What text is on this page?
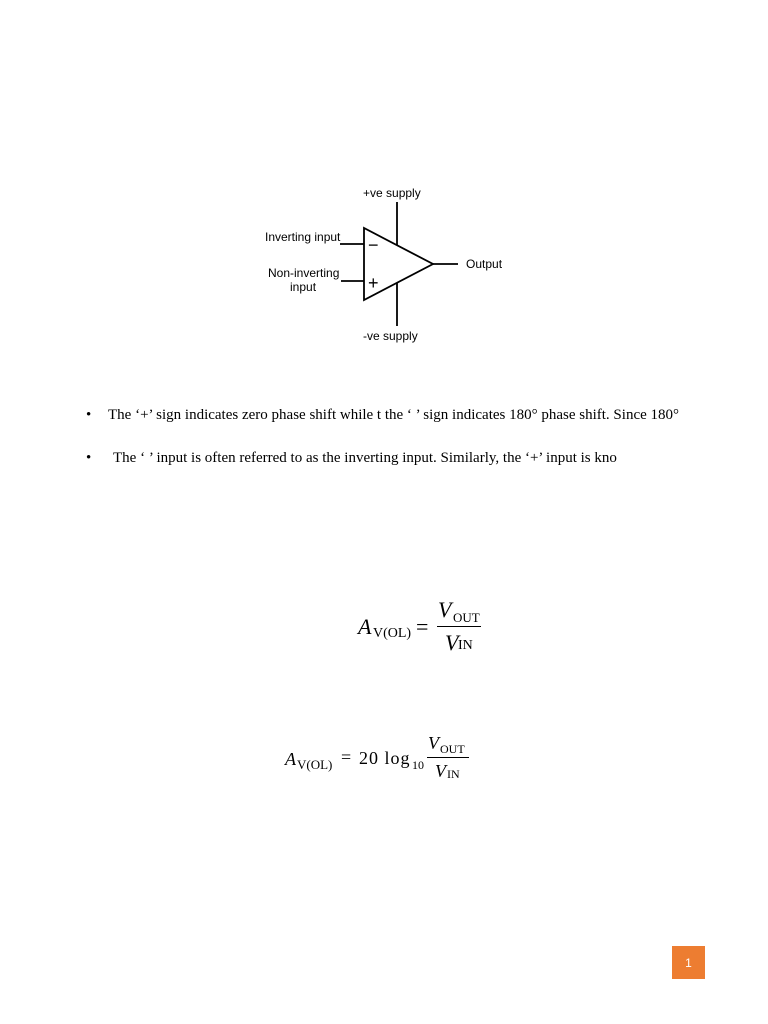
+ve supply
-ve supply
Inverting input
Non-inverting
input
Output
−
+
• The ‘+’ sign indicates zero phase shift while t the ‘ ’ sign indicates 180° phase shift. Since 180°
• The ‘ ’ input is often referred to as the inverting input. Similarly, the ‘+’ input is kno
A V(OL) =
V OUT
V IN
A V(OL) = 20 log 10
V OUT
V IN
1
